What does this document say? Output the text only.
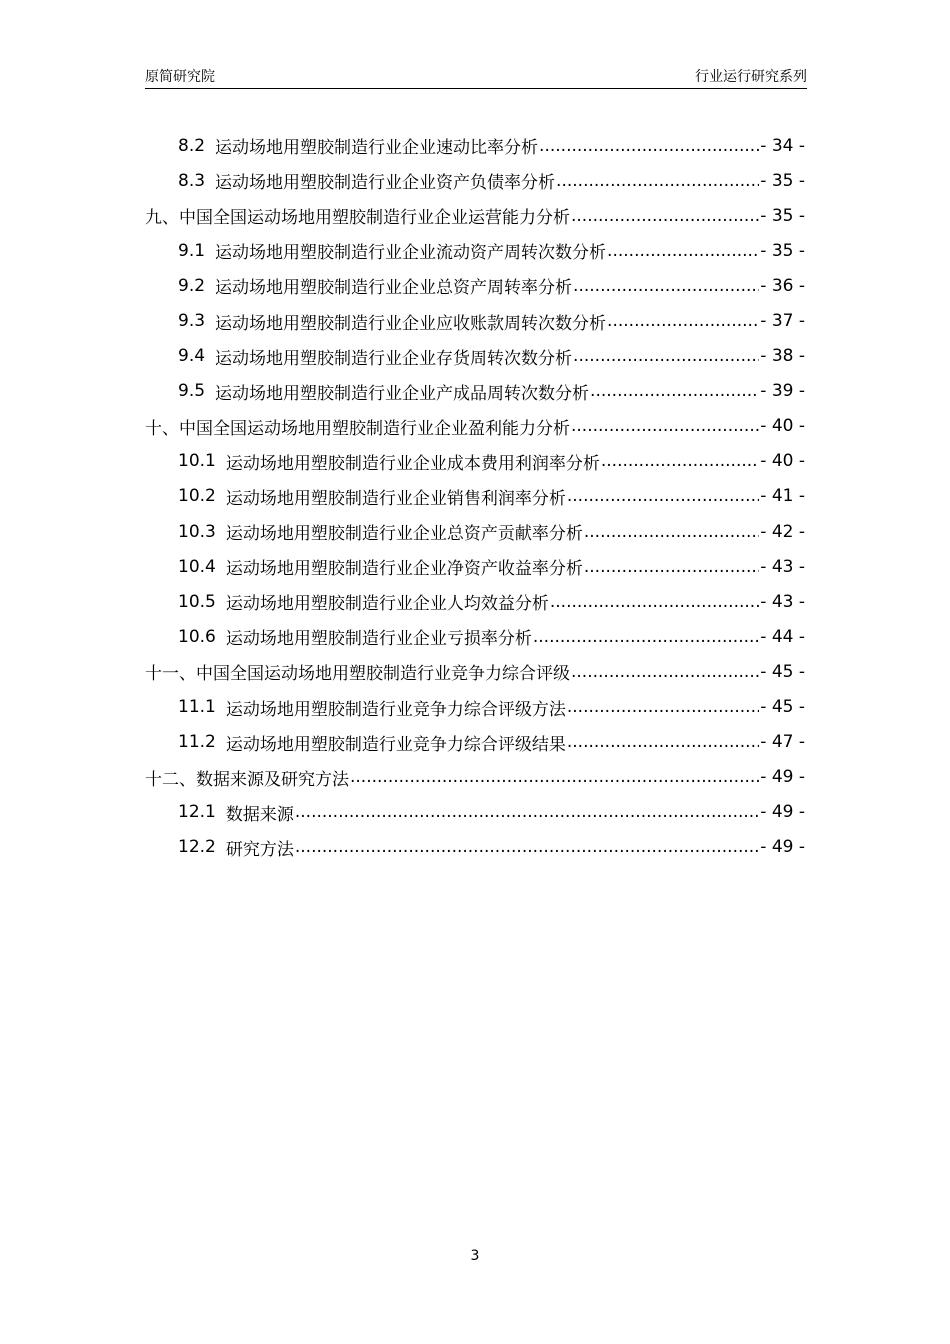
原简研究院	行业运行研究系列
8.2 运动场地用塑胶制造行业企业速动比率分析 .....	- 34 -
8.3 运动场地用塑胶制造行业企业资产负债率分析 .....	- 35 -
九、中国全国运动场地用塑胶制造行业企业运营能力分析 .....	- 35 -
9.1 运动场地用塑胶制造行业企业流动资产周转次数分析 .....	- 35 -
9.2 运动场地用塑胶制造行业企业总资产周转率分析 .....	- 36 -
9.3 运动场地用塑胶制造行业企业应收账款周转次数分析 .....	- 37 -
9.4 运动场地用塑胶制造行业企业存货周转次数分析 .....	- 38 -
9.5 运动场地用塑胶制造行业企业产成品周转次数分析 .....	- 39 -
十、中国全国运动场地用塑胶制造行业企业盈利能力分析 .....	- 40 -
10.1 运动场地用塑胶制造行业企业成本费用利润率分析 .....	- 40 -
10.2 运动场地用塑胶制造行业企业销售利润率分析 .....	- 41 -
10.3 运动场地用塑胶制造行业企业总资产贡献率分析 .....	- 42 -
10.4 运动场地用塑胶制造行业企业净资产收益率分析 .....	- 43 -
10.5 运动场地用塑胶制造行业企业人均效益分析 .....	- 43 -
10.6 运动场地用塑胶制造行业企业亏损率分析 .....	- 44 -
十一、中国全国运动场地用塑胶制造行业竞争力综合评级 .....	- 45 -
11.1 运动场地用塑胶制造行业竞争力综合评级方法 .....	- 45 -
11.2 运动场地用塑胶制造行业竞争力综合评级结果 .....	- 47 -
十二、数据来源及研究方法 .....	- 49 -
12.1 数据来源 .....	- 49 -
12.2 研究方法 .....	- 49 -
3
